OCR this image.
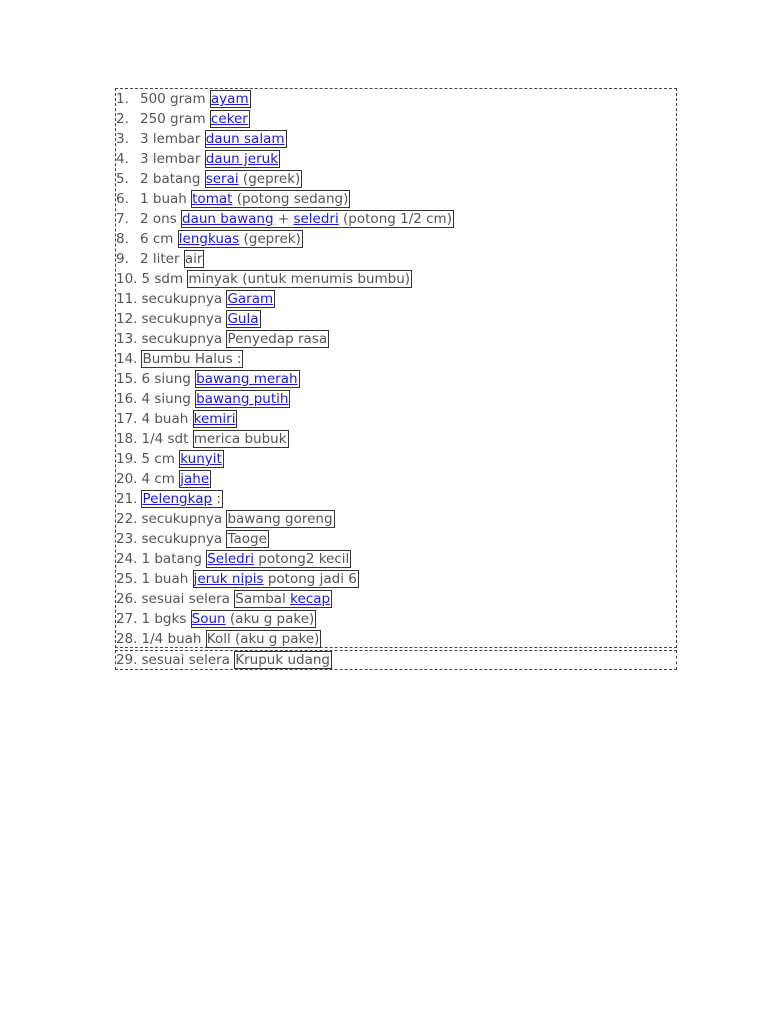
1. 500 gram ayam
2. 250 gram ceker
3. 3 lembar daun salam
4. 3 lembar daun jeruk
5. 2 batang serai (geprek)
6. 1 buah tomat (potong sedang)
7. 2 ons daun bawang + seledri (potong 1/2 cm)
8. 6 cm lengkuas (geprek)
9. 2 liter air
10. 5 sdm minyak (untuk menumis bumbu)
11. secukupnya Garam
12. secukupnya Gula
13. secukupnya Penyedap rasa
14. Bumbu Halus :
15. 6 siung bawang merah
16. 4 siung bawang putih
17. 4 buah kemiri
18. 1/4 sdt merica bubuk
19. 5 cm kunyit
20. 4 cm jahe
21. Pelengkap :
22. secukupnya bawang goreng
23. secukupnya Taoge
24. 1 batang Seledri potong2 kecil
25. 1 buah jeruk nipis potong jadi 6
26. sesuai selera Sambal kecap
27. 1 bgks Soun (aku g pake)
28. 1/4 buah Koll (aku g pake)
29. sesuai selera Krupuk udang
